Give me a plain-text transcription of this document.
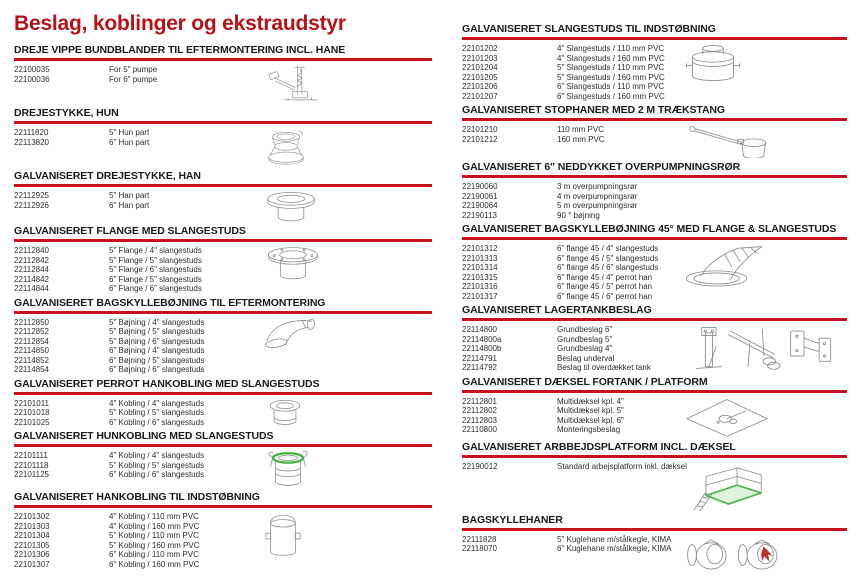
Beslag, koblinger og ekstraudstyr
DREJE VIPPE BUNDBLANDER TIL EFTERMONTERING INCL. HANE
22100035	For 5" pumpe
22100036	For 6" pumpe
DREJESTYKKE, HUN
22111820	5" Hun part
22113820	6" Hun part
GALVANISERET DREJESTYKKE, HAN
22112925	5" Han part
22112926	6" Han part
GALVANISERET FLANGE MED SLANGESTUDS
22112840	5" Flange / 4" slangestuds
22112842	5" Flange / 5" slangestuds
22112844	5" Flange / 6" slangestuds
22114842	6" Flange / 5" slangestuds
22114844	6" Flange / 6" slangestuds
GALVANISERET BAGSKYLLEBØJNING TIL EFTERMONTERING
22112850	5" Bøjning / 4" slangestuds
22112852	5" Bøjning / 5" slangestuds
22112854	5" Bøjning / 6" slangestuds
22114850	6" Bøjning / 4" slangestuds
22114852	6" Bøjning / 5" slangestuds
22114854	6" Bøjning / 6" slangestuds
GALVANISERET PERROT HANKOBLING MED SLANGESTUDS
22101011	4" Kobling / 4" slangestuds
22101018	5" Kobling / 5" slangestuds
22101025	6" Kobling / 6" slangestuds
GALVANISERET HUNKOBLING MED SLANGESTUDS
22101111	4" Kobling / 4" slangestuds
22101118	5" Kobling / 5" slangestuds
22101125	6" Kobling / 6" slangestuds
GALVANISERET HANKOBLING TIL INDSTØBNING
22101302	4" Kobling / 110 mm PVC
22101303	4" Kobling / 160 mm PVC
22101304	5" Kobling / 110 mm PVC
22101305	5" Kobling / 160 mm PVC
22101306	6" Kobling / 110 mm PVC
22101307	6" Kobling / 160 mm PVC
GALVANISERET SLANGESTUDS TIL INDSTØBNING
22101202	4" Slangestuds / 110 mm PVC
22101203	4" Slangestuds / 160 mm PVC
22101204	5" Slangestuds / 110 mm PVC
22101205	5" Slangestuds / 160 mm PVC
22101206	6" Slangestuds / 110 mm PVC
22101207	6" Slangestuds / 160 mm PVC
GALVANISERET STOPHANER MED 2 M TRÆKSTANG
22101210	110 mm PVC
22101212	160 mm PVC
GALVANISERET 6" NEDDYKKET OVERPUMPNINGSRØR
22190060	3 m overpumpningsrør
22190061	4 m overpumpningsrør
22190064	5 m overpumpningsrør
22190113	90 ° bøjning
GALVANISERET BAGSKYLLEBØJNING 45° MED FLANGE & SLANGESTUDS
22101312	6" flange 45 / 4" slangestuds
22101313	6" flange 45 / 5" slangestuds
22101314	6" flange 45 / 6" slangestuds
22101315	6" flange 45 / 4" perrot han
22101316	6" flange 45 / 5" perrot han
22101317	6" flange 45 / 6" perrot han
GALVANISERET LAGERTANKBESLAG
22114800	Grundbeslag 6"
22114800a	Grundbeslag 5"
22114800b	Grundbeslag 4"
22114791	Beslag underval
22114792	Beslag til overdækket tank
GALVANISERET DÆKSEL FORTANK / PLATFORM
22112801	Multidæksel kpl. 4"
22112802	Multidæksel kpl. 5"
22112803	Multidæksel kpl. 6"
22110800	Monteringsbeslag
GALVANISERET ARBBEJDSPLATFORM INCL. DÆKSEL
22190012	Standard arbejsplatform inkl. dæksel
BAGSKYLLEHANER
22111828	5" Kuglehane m/stålkegle, KIMA
22118070	6" Kuglehane m/stålkegle, KIMA
